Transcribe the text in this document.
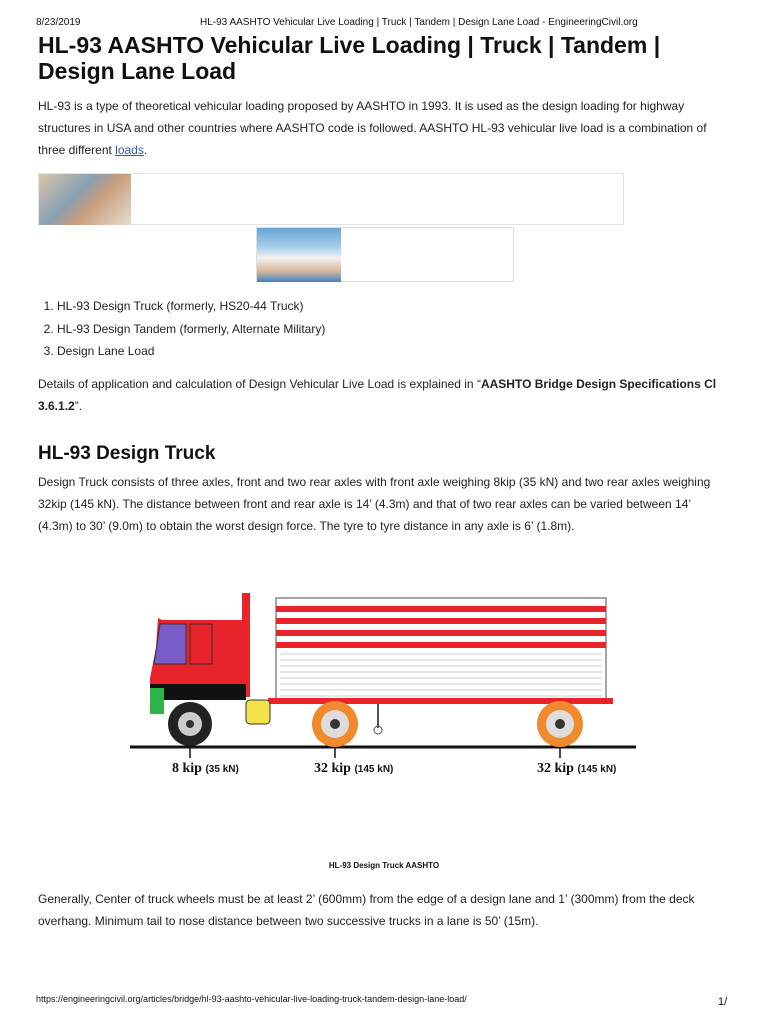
8/23/2019	HL-93 AASHTO Vehicular Live Loading | Truck | Tandem | Design Lane Load - EngineeringCivil.org
HL-93 AASHTO Vehicular Live Loading | Truck | Tandem | Design Lane Load

HL-93 is a type of theoretical vehicular loading proposed by AASHTO in 1993. It is used as the design loading for highway structures in USA and other countries where AASHTO code is followed. AASHTO HL-93 vehicular live load is a combination of three different loads.

1. HL-93 Design Truck (formerly, HS20-44 Truck)
2. HL-93 Design Tandem (formerly, Alternate Military)
3. Design Lane Load

Details of application and calculation of Design Vehicular Live Load is explained in “AASHTO Bridge Design Specifications Cl 3.6.1.2”.

HL-93 Design Truck

Design Truck consists of three axles, front and two rear axles with front axle weighing 8kip (35 kN) and two rear axles weighing 32kip (145 kN). The distance between front and rear axle is 14’ (4.3m) and that of two rear axles can be varied between 14’ (4.3m) to 30’ (9.0m) to obtain the worst design force. The tyre to tyre distance in any axle is 6’ (1.8m).

8 kip (35 kN)	32 kip (145 kN)	32 kip (145 kN)
HL-93 Design Truck AASHTO

Generally, Center of truck wheels must be at least 2’ (600mm) from the edge of a design lane and 1’ (300mm) from the deck overhang. Minimum tail to nose distance between two successive trucks in a lane is 50’ (15m).

https://engineeringcivil.org/articles/bridge/hl-93-aashto-vehicular-live-loading-truck-tandem-design-lane-load/	1/
